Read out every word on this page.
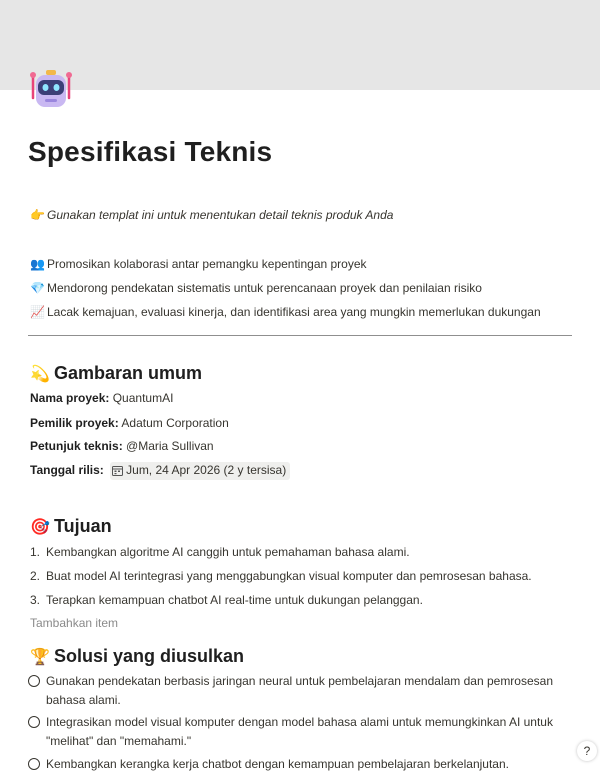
Spesifikasi Teknis
👉 Gunakan templat ini untuk menentukan detail teknis produk Anda
👥 Promosikan kolaborasi antar pemangku kepentingan proyek
💎 Mendorong pendekatan sistematis untuk perencanaan proyek dan penilaian risiko
📈 Lacak kemajuan, evaluasi kinerja, dan identifikasi area yang mungkin memerlukan dukungan
💫 Gambaran umum
Nama proyek: QuantumAI
Pemilik proyek: Adatum Corporation
Petunjuk teknis: @Maria Sullivan
Tanggal rilis: Jum, 24 Apr 2026 (2 y tersisa)
🎯 Tujuan
1. Kembangkan algoritme AI canggih untuk pemahaman bahasa alami.
2. Buat model AI terintegrasi yang menggabungkan visual komputer dan pemrosesan bahasa.
3. Terapkan kemampuan chatbot AI real-time untuk dukungan pelanggan.
Tambahkan item
🏆 Solusi yang diusulkan
Gunakan pendekatan berbasis jaringan neural untuk pembelajaran mendalam dan pemrosesan bahasa alami.
Integrasikan model visual komputer dengan model bahasa alami untuk memungkinkan AI untuk "melihat" dan "memahami."
Kembangkan kerangka kerja chatbot dengan kemampuan pembelajaran berkelanjutan.
?
